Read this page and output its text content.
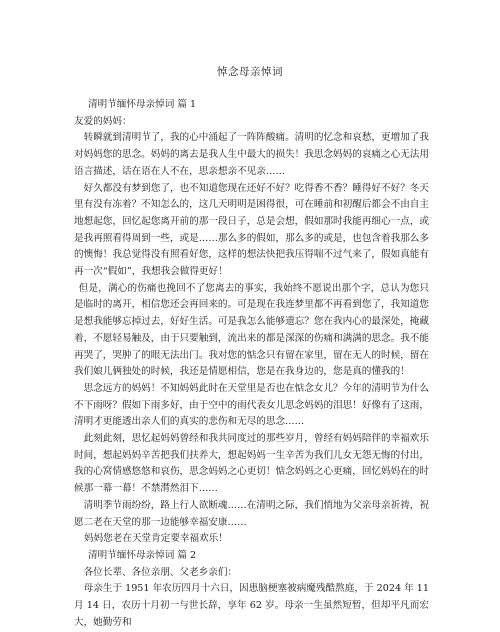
悼念母亲悼词

清明节缅怀母亲悼词 篇 1

友爱的妈妈：

转瞬就到清明节了，我的心中涌起了一阵阵酸痛。清明的忆念和哀愁，更增加了我对妈妈您的思念。妈妈的离去是我人生中最大的损失！我思念妈妈的哀痛之心无法用语言描述，话在语在人不在，思亲想亲不见亲……

好久都没有梦到您了，也不知道您现在还好不好？吃得香不香？睡得好不好？冬天里有没有冻着？不知怎么的，这几天明明是困得很，可在睡前和初醒后都会不由自主地想起您，回忆起您离开前的那一段日子，总是会想，假如那时我能再细心一点，或是我再照看得周到一些，或是……那么多的假如，那么多的或是，也包含着我那么多的懊悔！我总觉得没有照看好您，这样的想法快把我压得喘不过气来了，假如真能有再一次“假如”，我想我会做得更好！

但是，满心的伤痛也挽回不了您离去的事实，我始终不愿说出那个字，总认为您只是临时的离开，相信您还会再回来的。可是现在我连梦里都不再看到您了，我知道您是想我能够忘掉过去，好好生活。可是我怎么能够遗忘？您在我内心的最深处，掩藏着，不愿轻易触及，由于只要触到，流出来的都是深深的伤痛和满满的思念。我不能再哭了，哭肿了的眼无法出门。我对您的惦念只有留在家里，留在无人的时候，留在我们娘儿俩独处的时候，我还是情愿相信，您是在我身边的，您是真的懂我的！

思念远方的妈妈！不知妈妈此时在天堂里是否也在惦念女儿？今年的清明节为什么不下雨呀？假如下雨多好，由于空中的雨代表女儿思念妈妈的泪思！好像有了这雨，清明才更能透出亲人们的真实的悲伤和无尽的思念……

此刻此刻，思忆起妈妈曾经和我共同度过的那些岁月，曾经有妈妈陪伴的幸福欢乐时间，想起妈妈辛苦把我们扶养大，想起妈妈一生辛苦为我们儿女无怨无悔的付出，我的心窝情感悠悠和哀伤，思念妈妈之心更切！惦念妈妈之心更痛，回忆妈妈在的时候那一幕一幕！不禁潸然泪下……

清明季节雨纷纷，路上行人欲断魂……在清明之际，我们悄地为父亲母亲祈祷，祝愿二老在天堂的那一边能够幸福安康……

妈妈您老在天堂肯定要幸福欢乐！

清明节缅怀母亲悼词 篇 2

各位长辈、各位亲朋、父老乡亲们：

母亲生于 1951 年农历四月十六日，因患脑梗塞被病魔残酷熬庭，于 2024 年 11 月 14 日，农历十月初一与世长辞，享年 62 岁。母亲一生虽然短暂，但却平凡而宏大，她勤劳和
